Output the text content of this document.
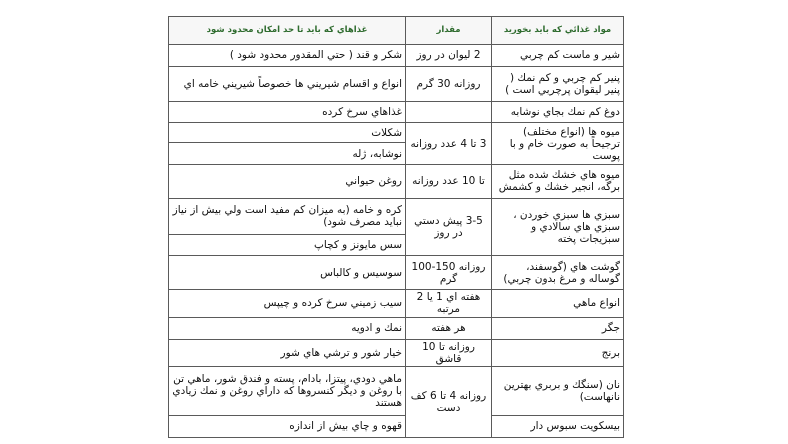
مواد غذائي كه بايد بخوريد	مقدار	غذاهاي كه بايد تا حد امكان محدود شود
شير و ماست كم چربي	2 ليوان در روز	شكر و قند ( حتي المقدور محدود شود )
پنير كم چربي و كم نمك ( پنير ليقوان پرچربي است )	روزانه 30 گرم	انواع و اقسام شيريني ها خصوصاً شيريني خامه اي
دوغ كم نمك بجاي نوشابه		غذاهاي سرخ كرده
ميوه ها (انواع مختلف) ترجيحاً به صورت خام و با پوست	3 تا 4 عدد روزانه	شكلات
		نوشابه، ژله
ميوه هاي خشك شده مثل برگه، انجير خشك و كشمش	تا 10 عدد روزانه	روغن حيواني
سبزي ها سبزي خوردن ، سبزي هاي سالادي و سبزيجات پخته	3-5 پيش دستي در روز	كره و خامه (به ميزان كم مفيد است ولي بيش از نياز نبايد مصرف شود)
		سس مايونز و كچاپ
گوشت هاي (گوسفند، گوساله و مرغ بدون چربي)	روزانه 150-100 گرم	سوسيس و كالباس
انواع ماهي	هفته اي 1 يا 2 مرتبه	سيب زميني سرخ كرده و چيپس
جگر	هر هفته	نمك و ادويه
برنج	روزانه تا 10 قاشق	خيار شور و ترشي هاي شور
نان (سنگك و بربري بهترين نانهاست)	روزانه 4 تا 6 كف دست	ماهي دودي، پيتزا، بادام، پسته و فندق شور، ماهي تن با روغن و ديگر كنسروها كه داراي روغن و نمك زيادي هستند
بيسكويت سبوس دار		قهوه و چاي بيش از اندازه
